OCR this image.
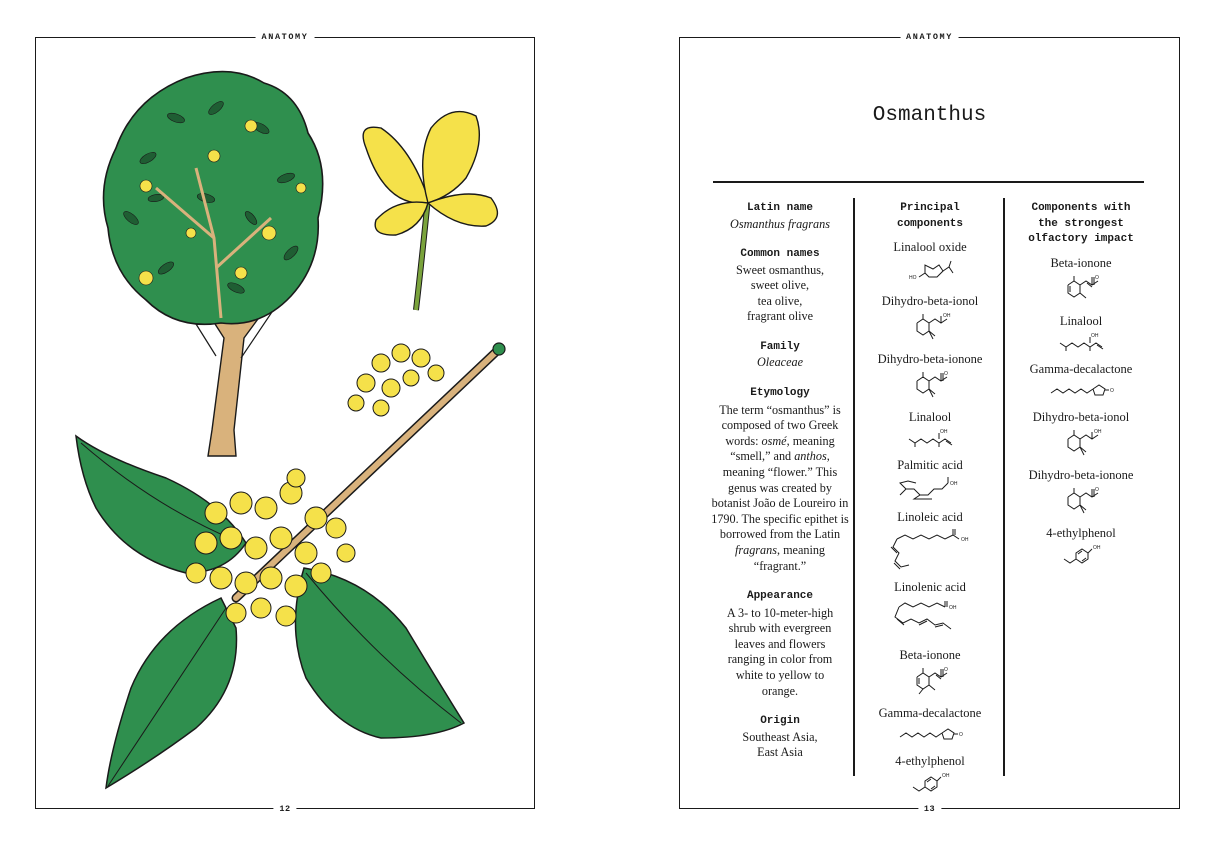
ANATOMY
12
ANATOMY
Osmanthus
Latin name
Osmanthus fragrans
Common names
Sweet osmanthus,
sweet olive,
tea olive,
fragrant olive
Family
Oleaceae
Etymology
The term “osmanthus” is composed of two Greek words: osmé, meaning “smell,” and anthos, meaning “flower.” This genus was created by botanist João de Loureiro in 1790. The specific epithet is borrowed from the Latin fragrans, meaning “fragrant.”
Appearance
A 3- to 10-meter-high shrub with evergreen leaves and flowers ranging in color from white to yellow to orange.
Origin
Southeast Asia,
East Asia
Principal
components
Linalool oxide
HO
Dihydro-beta-ionol
OH
Dihydro-beta-ionone
O
Linalool
OH
Palmitic acid
OH
Linoleic acid
OH
Linolenic acid
OH
Beta-ionone
O
Gamma-decalactone
O
4-ethylphenol
OH
Components with
the strongest
olfactory impact
Beta-ionone
O
Linalool
OH
Gamma-decalactone
O
Dihydro-beta-ionol
OH
Dihydro-beta-ionone
O
4-ethylphenol
OH
13
